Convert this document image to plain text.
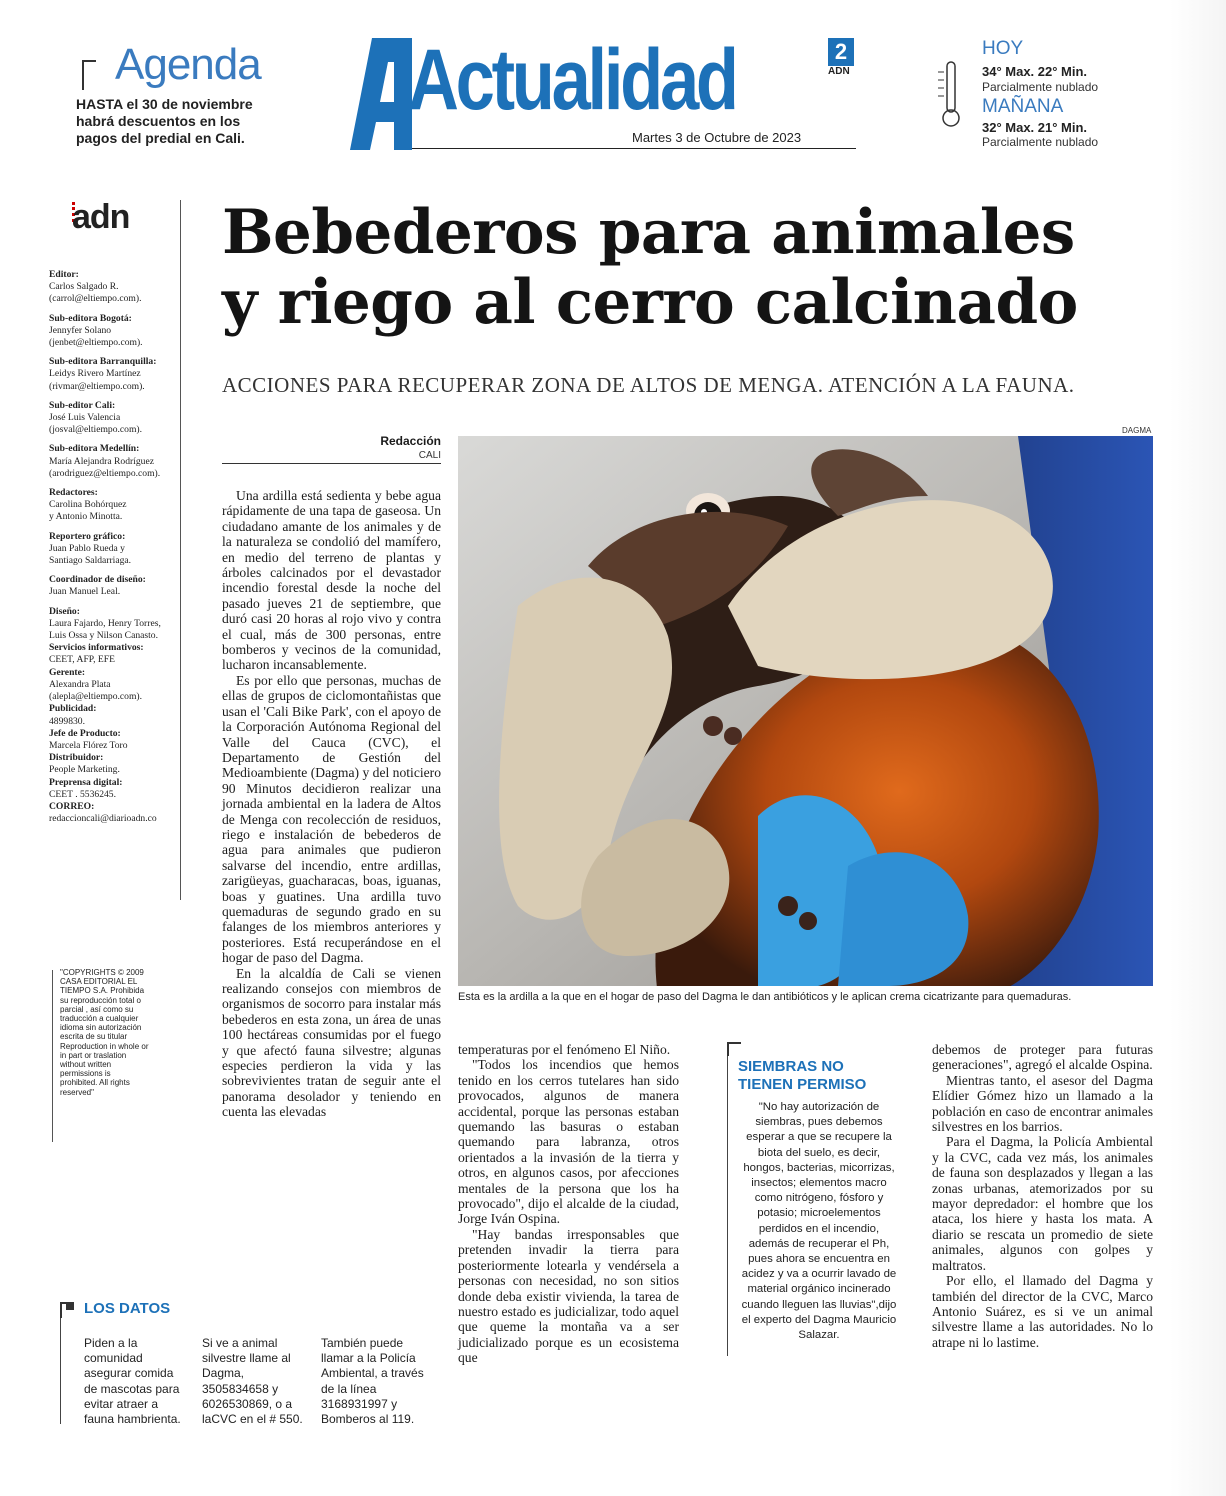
Agenda
HASTA el 30 de noviembre habrá descuentos en los pagos del predial en Cali.
Actualidad	2
ADN
Martes 3 de Octubre de 2023
HOY
34° Max. 22° Min.
Parcialmente nublado
MAÑANA
32° Max. 21° Min.
Parcialmente nublado
adn
Editor:
Carlos Salgado R.
(carrol@eltiempo.com).
Sub-editora Bogotá:
Jennyfer Solano
(jenbet@eltiempo.com).
Sub-editora Barranquilla:
Leidys Rivero Martínez
(rivmar@eltiempo.com).
Sub-editor Cali:
José Luis Valencia
(josval@eltiempo.com).
Sub-editora Medellín:
María Alejandra Rodríguez
(arodriguez@eltiempo.com).
Redactores:
Carolina Bohórquez
y Antonio Minotta.
Reportero gráfico:
Juan Pablo Rueda y
Santiago Saldarriaga.
Coordinador de diseño:
Juan Manuel Leal.
Diseño:
Laura Fajardo, Henry Torres,
Luis Ossa y Nilson Canasto.
Servicios informativos:
CEET, AFP, EFE
Gerente:
Alexandra Plata
(alepla@eltiempo.com).
Publicidad:
4899830.
Jefe de Producto:
Marcela Flórez Toro
Distribuidor:
People Marketing.
Preprensa digital:
CEET . 5536245.
CORREO:
redaccioncali@diarioadn.co
"COPYRIGHTS © 2009 CASA EDITORIAL EL TIEMPO S.A. Prohibida su reproducción total o parcial , así como su traducción a cualquier idioma sin autorización escrita de su titular Reproduction in whole or in part or traslation without written permissions is prohibited. All rights reserved"
Bebederos para animales
y riego al cerro calcinado
ACCIONES PARA RECUPERAR ZONA DE ALTOS DE MENGA. ATENCIÓN A LA FAUNA.
Redacción
CALI

Una ardilla está sedienta y bebe agua rápidamente de una tapa de gaseosa. Un ciudadano amante de los animales y de la naturaleza se condolió del mamífero, en medio del terreno de plantas y árboles calcinados por el devastador incendio forestal desde la noche del pasado jueves 21 de septiembre, que duró casi 20 horas al rojo vivo y contra el cual, más de 300 personas, entre bomberos y vecinos de la comunidad, lucharon incansablemente.

Es por ello que personas, muchas de ellas de grupos de ciclomontañistas que usan el 'Cali Bike Park', con el apoyo de la Corporación Autónoma Regional del Valle del Cauca (CVC), el Departamento de Gestión del Medioambiente (Dagma) y del noticiero 90 Minutos decidieron realizar una jornada ambiental en la ladera de Altos de Menga con recolección de residuos, riego e instalación de bebederos de agua para animales que pudieron salvarse del incendio, entre ardillas, zarigüeyas, guacharacas, boas, iguanas, boas y guatines. Una ardilla tuvo quemaduras de segundo grado en su falanges de los miembros anteriores y posteriores. Está recuperándose en el hogar de paso del Dagma.

En la alcaldía de Cali se vienen realizando consejos con miembros de organismos de socorro para instalar más bebederos en esta zona, un área de unas 100 hectáreas consumidas por el fuego y que afectó fauna silvestre; algunas especies perdieron la vida y las sobrevivientes tratan de seguir ante el panorama desolador y teniendo en cuenta las elevadas

temperaturas por el fenómeno El Niño.

"Todos los incendios que hemos tenido en los cerros tutelares han sido provocados, algunos de manera accidental, porque las personas estaban quemando las basuras o estaban quemando para labranza, otros orientados a la invasión de la tierra y otros, en algunos casos, por afecciones mentales de la persona que los ha provocado", dijo el alcalde de la ciudad, Jorge Iván Ospina.

"Hay bandas irresponsables que pretenden invadir la tierra para posteriormente lotearla y vendérsela a personas con necesidad, no son sitios donde deba existir vivienda, la tarea de nuestro estado es judicializar, todo aquel que queme la montaña va a ser judicializado porque es un ecosistema que

debemos de proteger para futuras generaciones", agregó el alcalde Ospina.

Mientras tanto, el asesor del Dagma Elídier Gómez hizo un llamado a la población en caso de encontrar animales silvestres en los barrios.

Para el Dagma, la Policía Ambiental y la CVC, cada vez más, los animales de fauna son desplazados y llegan a las zonas urbanas, atemorizados por su mayor depredador: el hombre que los ataca, los hiere y hasta los mata. A diario se rescata un promedio de siete animales, algunos con golpes y maltratos.

Por ello, el llamado del Dagma y también del director de la CVC, Marco Antonio Suárez, es si ve un animal silvestre llame a las autoridades. No lo atrape ni lo lastime.

DAGMA
Esta es la ardilla a la que en el hogar de paso del Dagma le dan antibióticos y le aplican crema cicatrizante para quemaduras.
SIEMBRAS NO
TIENEN PERMISO
"No hay autorización de siembras, pues debemos esperar a que se recupere la biota del suelo, es decir, hongos, bacterias, micorrizas, insectos; elementos macro como nitrógeno, fósforo y potasio; microelementos perdidos en el incendio, además de recuperar el Ph, pues ahora se encuentra en acidez y va a ocurrir lavado de material orgánico incinerado cuando lleguen las lluvias",dijo el experto del Dagma Mauricio Salazar.
LOS DATOS
Piden a la comunidad asegurar comida de mascotas para evitar atraer a fauna hambrienta.
Si ve a animal silvestre llame al Dagma, 3505834658 y 6026530869, o a laCVC en el # 550.
También puede llamar a la Policía Ambiental, a través de la línea 3168931997 y Bomberos al 119.
